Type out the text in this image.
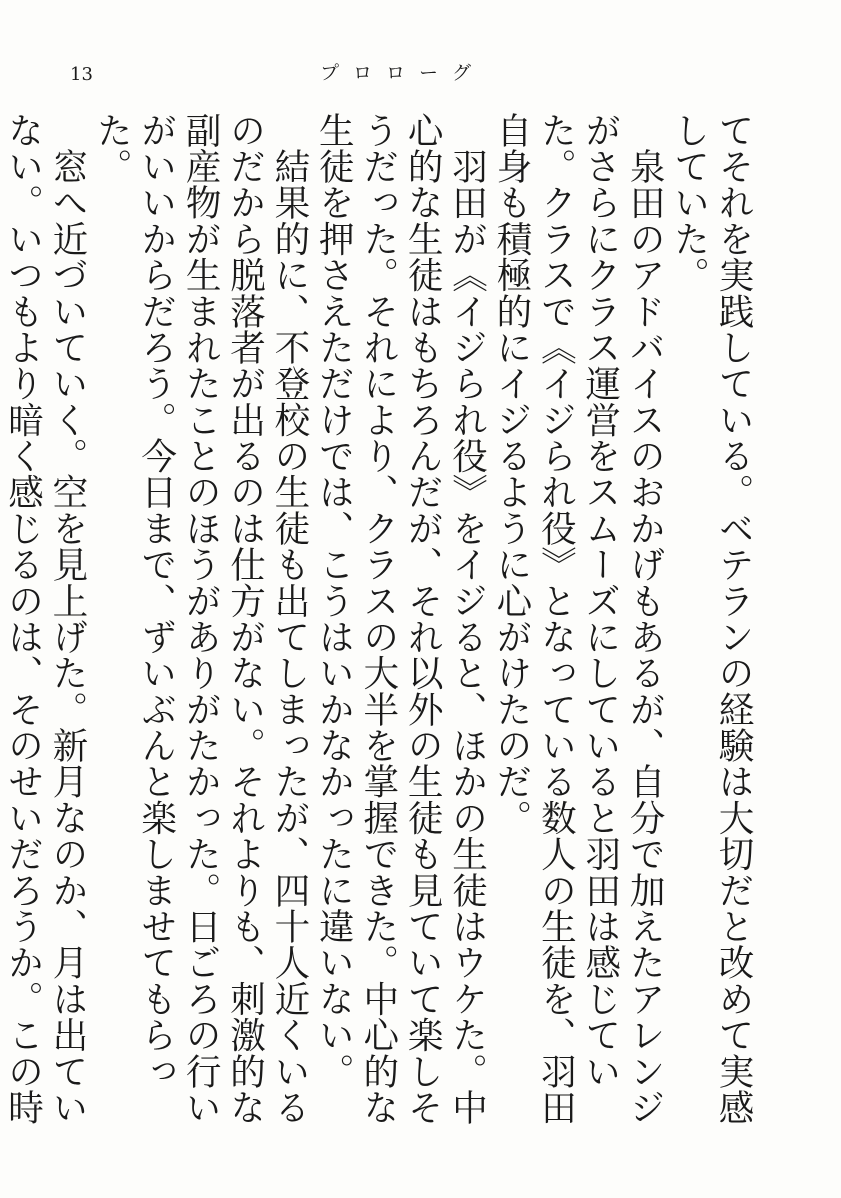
13	プロローグ

てそれを実践している。ベテランの経験は大切だと改めて実感していた。

　泉田のアドバイスのおかげもあるが、自分で加えたアレンジがさらにクラス運営をスムーズにしていると羽田は感じていた。クラスで《イジられ役》となっている数人の生徒を、羽田自身も積極的にイジるように心がけたのだ。

　羽田が《イジられ役》をイジると、ほかの生徒はウケた。中心的な生徒はもちろんだが、それ以外の生徒も見ていて楽しそうだった。それにより、クラスの大半を掌握できた。中心的な生徒を押さえただけでは、こうはいかなかったに違いない。

　結果的に、不登校の生徒も出てしまったが、四十人近くいるのだから脱落者が出るのは仕方がない。それよりも、刺激的な副産物が生まれたことのほうがありがたかった。日ごろの行いがいいからだろう。今日まで、ずいぶんと楽しませてもらった。

　窓へ近づいていく。空を見上げた。新月なのか、月は出ていない。いつもより暗く感じるのは、そのせいだろうか。この時
